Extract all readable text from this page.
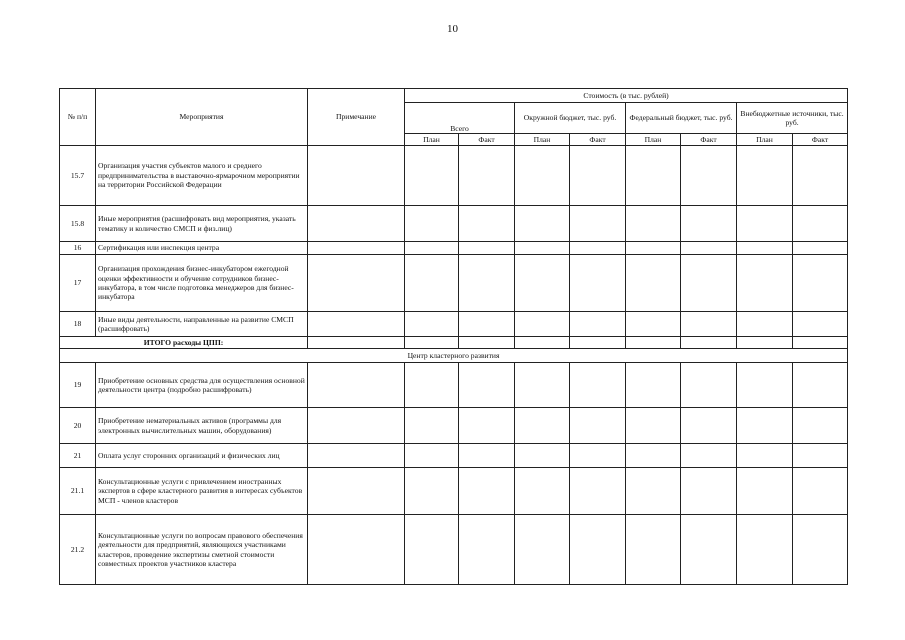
10
№ п/п	Мероприятия	Примечание	Стоимость (в тыс. рублей)							
			Всего		Окружной бюджет, тыс. руб.		Федеральный бюджет, тыс. руб.		Внебюджетные источники, тыс. руб.	
			План	Факт	План	Факт	План	Факт	План	Факт
15.7	Организация участия субъектов малого и среднего предпринимательства в выставочно-ярмарочном мероприятии на территории Российской Федерации									
15.8	Иные мероприятия (расшифровать вид мероприятия, указать тематику и количество СМСП и физ.лиц)									
16	Сертификация или инспекция центра									
17	Организация прохождения бизнес-инкубатором ежегодной оценки эффективности и обучение сотрудников бизнес-инкубатора, в том числе подготовка менеджеров для бизнес-инкубатора									
18	Иные виды деятельности, направленные на развитие СМСП (расшифровать)									
ИТОГО расходы ЦПП:										
Центр кластерного развития										
19	Приобретение основных средства для осуществления основной деятельности центра (подробно расшифровать)									
20	Приобретение нематериальных активов (программы для электронных вычислительных машин, оборудования)									
21	Оплата услуг сторонних организаций и физических лиц									
21.1	Консультационные услуги с привлечением иностранных экспертов в сфере кластерного развития в интересах субъектов МСП - членов кластеров									
21.2	Консультационные услуги по вопросам правового обеспечения деятельности для предприятий, являющихся участниками кластеров, проведение экспертизы сметной стоимости совместных проектов участников кластера									
